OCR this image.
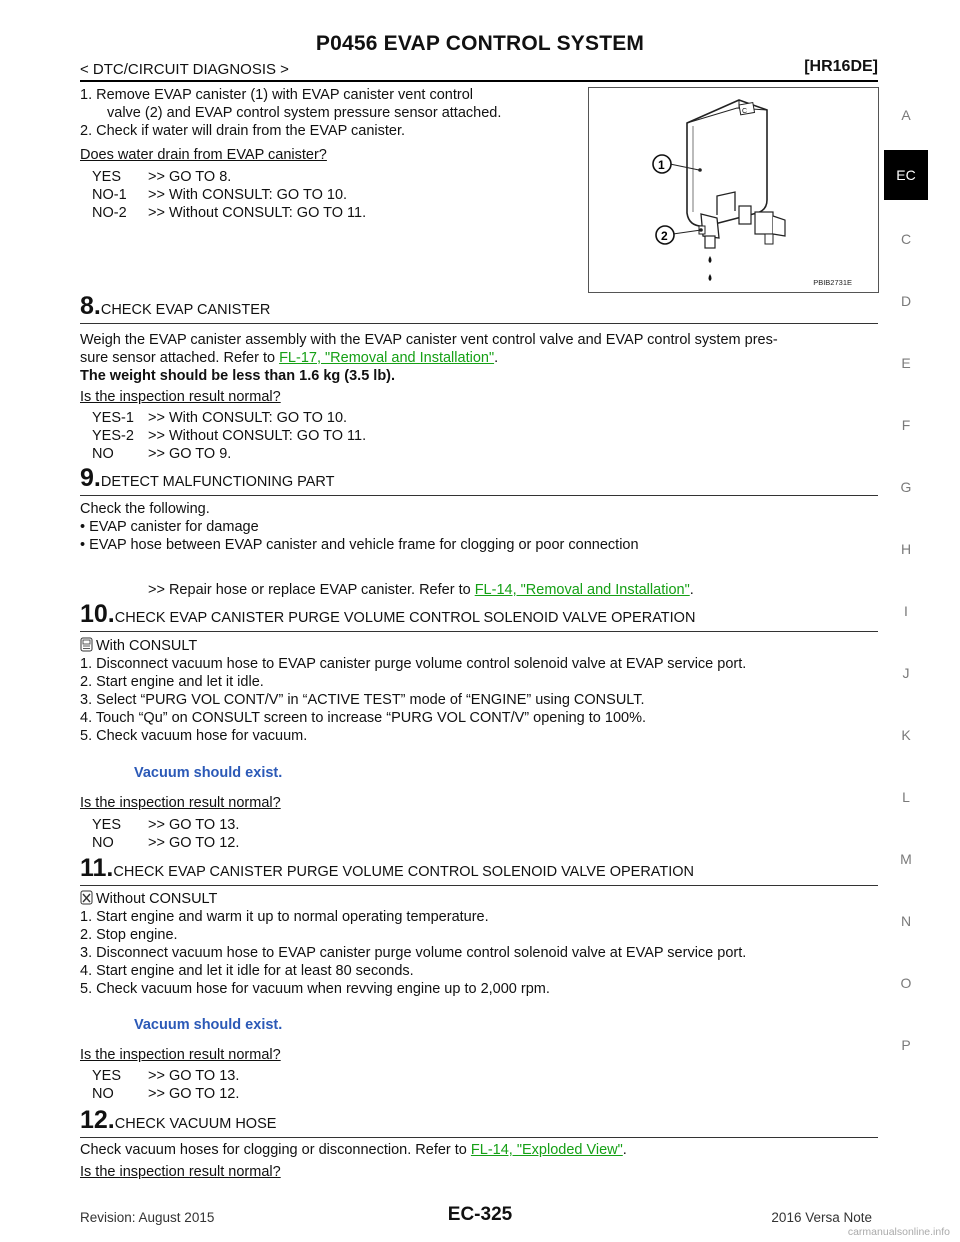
P0456 EVAP CONTROL SYSTEM
< DTC/CIRCUIT DIAGNOSIS >	[HR16DE]
A
EC
C
D
E
F
G
H
I
J
K
L
M
N
O
P
C
1
2
PBIB2731E
1. Remove EVAP canister (1) with EVAP canister vent control
valve (2) and EVAP control system pressure sensor attached.
2. Check if water will drain from the EVAP canister.
Does water drain from EVAP canister?
YES >> GO TO 8.
NO-1 >> With CONSULT: GO TO 10.
NO-2 >> Without CONSULT: GO TO 11.
8.CHECK EVAP CANISTER
Weigh the EVAP canister assembly with the EVAP canister vent control valve and EVAP control system pres-
sure sensor attached. Refer to FL-17, "Removal and Installation".
The weight should be less than 1.6 kg (3.5 lb).
Is the inspection result normal?
YES-1 >> With CONSULT: GO TO 10.
YES-2 >> Without CONSULT: GO TO 11.
NO >> GO TO 9.
9.DETECT MALFUNCTIONING PART
Check the following.
• EVAP canister for damage
• EVAP hose between EVAP canister and vehicle frame for clogging or poor connection
>> Repair hose or replace EVAP canister. Refer to FL-14, "Removal and Installation".
10.CHECK EVAP CANISTER PURGE VOLUME CONTROL SOLENOID VALVE OPERATION
With CONSULT
1. Disconnect vacuum hose to EVAP canister purge volume control solenoid valve at EVAP service port.
2. Start engine and let it idle.
3. Select “PURG VOL CONT/V” in “ACTIVE TEST” mode of “ENGINE” using CONSULT.
4. Touch “Qu” on CONSULT screen to increase “PURG VOL CONT/V” opening to 100%.
5. Check vacuum hose for vacuum.
Vacuum should exist.
Is the inspection result normal?
YES >> GO TO 13.
NO >> GO TO 12.
11.CHECK EVAP CANISTER PURGE VOLUME CONTROL SOLENOID VALVE OPERATION
Without CONSULT
1. Start engine and warm it up to normal operating temperature.
2. Stop engine.
3. Disconnect vacuum hose to EVAP canister purge volume control solenoid valve at EVAP service port.
4. Start engine and let it idle for at least 80 seconds.
5. Check vacuum hose for vacuum when revving engine up to 2,000 rpm.
Vacuum should exist.
Is the inspection result normal?
YES >> GO TO 13.
NO >> GO TO 12.
12.CHECK VACUUM HOSE
Check vacuum hoses for clogging or disconnection. Refer to FL-14, "Exploded View".
Is the inspection result normal?
Revision: August 2015	EC-325	2016 Versa Note
carmanualsonline.info
